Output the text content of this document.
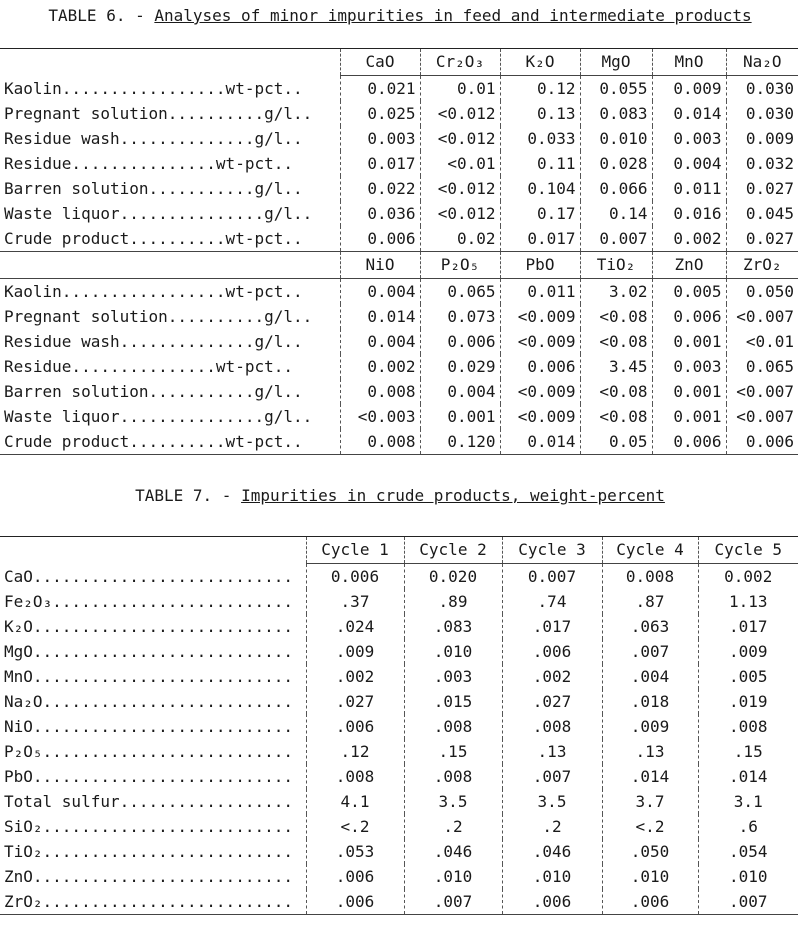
TABLE 6. - Analyses of minor impurities in feed and intermediate products
	CaO	Cr₂O₃	K₂O	MgO	MnO	Na₂O
Kaolin.................wt-pct..	0.021	0.01	0.12	0.055	0.009	0.030
Pregnant solution..........g/l..	0.025	<0.012	0.13	0.083	0.014	0.030
Residue wash..............g/l..	0.003	<0.012	0.033	0.010	0.003	0.009
Residue...............wt-pct..	0.017	<0.01	0.11	0.028	0.004	0.032
Barren solution...........g/l..	0.022	<0.012	0.104	0.066	0.011	0.027
Waste liquor...............g/l..	0.036	<0.012	0.17	0.14	0.016	0.045
Crude product..........wt-pct..	0.006	0.02	0.017	0.007	0.002	0.027
	NiO	P₂O₅	PbO	TiO₂	ZnO	ZrO₂
Kaolin.................wt-pct..	0.004	0.065	0.011	3.02	0.005	0.050
Pregnant solution..........g/l..	0.014	0.073	<0.009	<0.08	0.006	<0.007
Residue wash..............g/l..	0.004	0.006	<0.009	<0.08	0.001	<0.01
Residue...............wt-pct..	0.002	0.029	0.006	3.45	0.003	0.065
Barren solution...........g/l..	0.008	0.004	<0.009	<0.08	0.001	<0.007
Waste liquor...............g/l..	<0.003	0.001	<0.009	<0.08	0.001	<0.007
Crude product..........wt-pct..	0.008	0.120	0.014	0.05	0.006	0.006
TABLE 7. - Impurities in crude products, weight-percent
	Cycle 1	Cycle 2	Cycle 3	Cycle 4	Cycle 5
CaO...........................	0.006	0.020	0.007	0.008	0.002
Fe₂O₃.........................	.37	.89	.74	.87	1.13
K₂O...........................	.024	.083	.017	.063	.017
MgO...........................	.009	.010	.006	.007	.009
MnO...........................	.002	.003	.002	.004	.005
Na₂O..........................	.027	.015	.027	.018	.019
NiO...........................	.006	.008	.008	.009	.008
P₂O₅..........................	.12	.15	.13	.13	.15
PbO...........................	.008	.008	.007	.014	.014
Total sulfur..................	4.1	3.5	3.5	3.7	3.1
SiO₂..........................	<.2	.2	.2	<.2	.6
TiO₂..........................	.053	.046	.046	.050	.054
ZnO...........................	.006	.010	.010	.010	.010
ZrO₂..........................	.006	.007	.006	.006	.007
